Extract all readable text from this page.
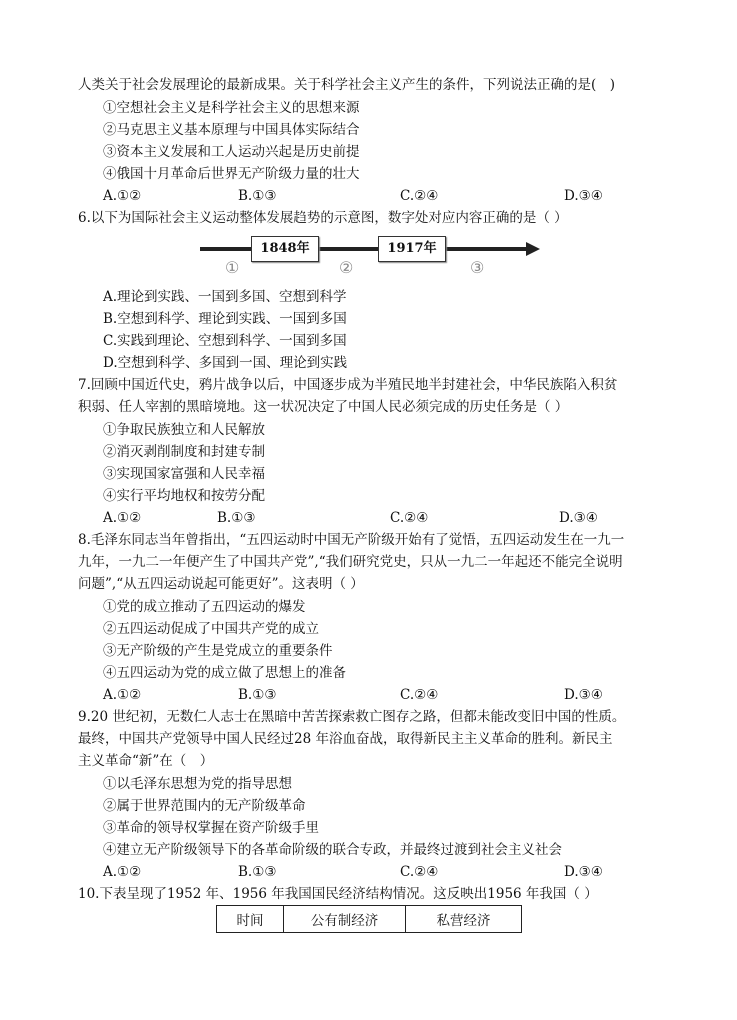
人类关于社会发展理论的最新成果。关于科学社会主义产生的条件，下列说法正确的是(　)
①空想社会主义是科学社会主义的思想来源
②马克思主义基本原理与中国具体实际结合
③资本主义发展和工人运动兴起是历史前提
④俄国十月革命后世界无产阶级力量的壮大
A.①②	B.①③	C.②④	D.③④
6.以下为国际社会主义运动整体发展趋势的示意图，数字处对应内容正确的是（ ）
1848年	1917年
①	②	③
A.理论到实践、一国到多国、空想到科学
B.空想到科学、理论到实践、一国到多国
C.实践到理论、空想到科学、一国到多国
D.空想到科学、多国到一国、理论到实践
7.回顾中国近代史，鸦片战争以后，中国逐步成为半殖民地半封建社会，中华民族陷入积贫
积弱、任人宰割的黑暗境地。这一状况决定了中国人民必须完成的历史任务是（ ）
①争取民族独立和人民解放
②消灭剥削制度和封建专制
③实现国家富强和人民幸福
④实行平均地权和按劳分配
A.①②	B.①③	C.②④	D.③④
8.毛泽东同志当年曾指出，“五四运动时中国无产阶级开始有了觉悟，五四运动发生在一九一
九年，一九二一年便产生了中国共产党”,“我们研究党史，只从一九二一年起还不能完全说明
问题”,“从五四运动说起可能更好”。这表明（ ）
①党的成立推动了五四运动的爆发
②五四运动促成了中国共产党的成立
③无产阶级的产生是党成立的重要条件
④五四运动为党的成立做了思想上的准备
A.①②	B.①③	C.②④	D.③④
9.20 世纪初，无数仁人志士在黑暗中苦苦探索救亡图存之路，但都未能改变旧中国的性质。
最终，中国共产党领导中国人民经过28 年浴血奋战，取得新民主主义革命的胜利。新民主
主义革命“新”在（　）
①以毛泽东思想为党的指导思想
②属于世界范围内的无产阶级革命
③革命的领导权掌握在资产阶级手里
④建立无产阶级领导下的各革命阶级的联合专政，并最终过渡到社会主义社会
A.①②	B.①③	C.②④	D.③④
10.下表呈现了1952 年、1956 年我国国民经济结构情况。这反映出1956 年我国（ ）
时间	公有制经济	私营经济
